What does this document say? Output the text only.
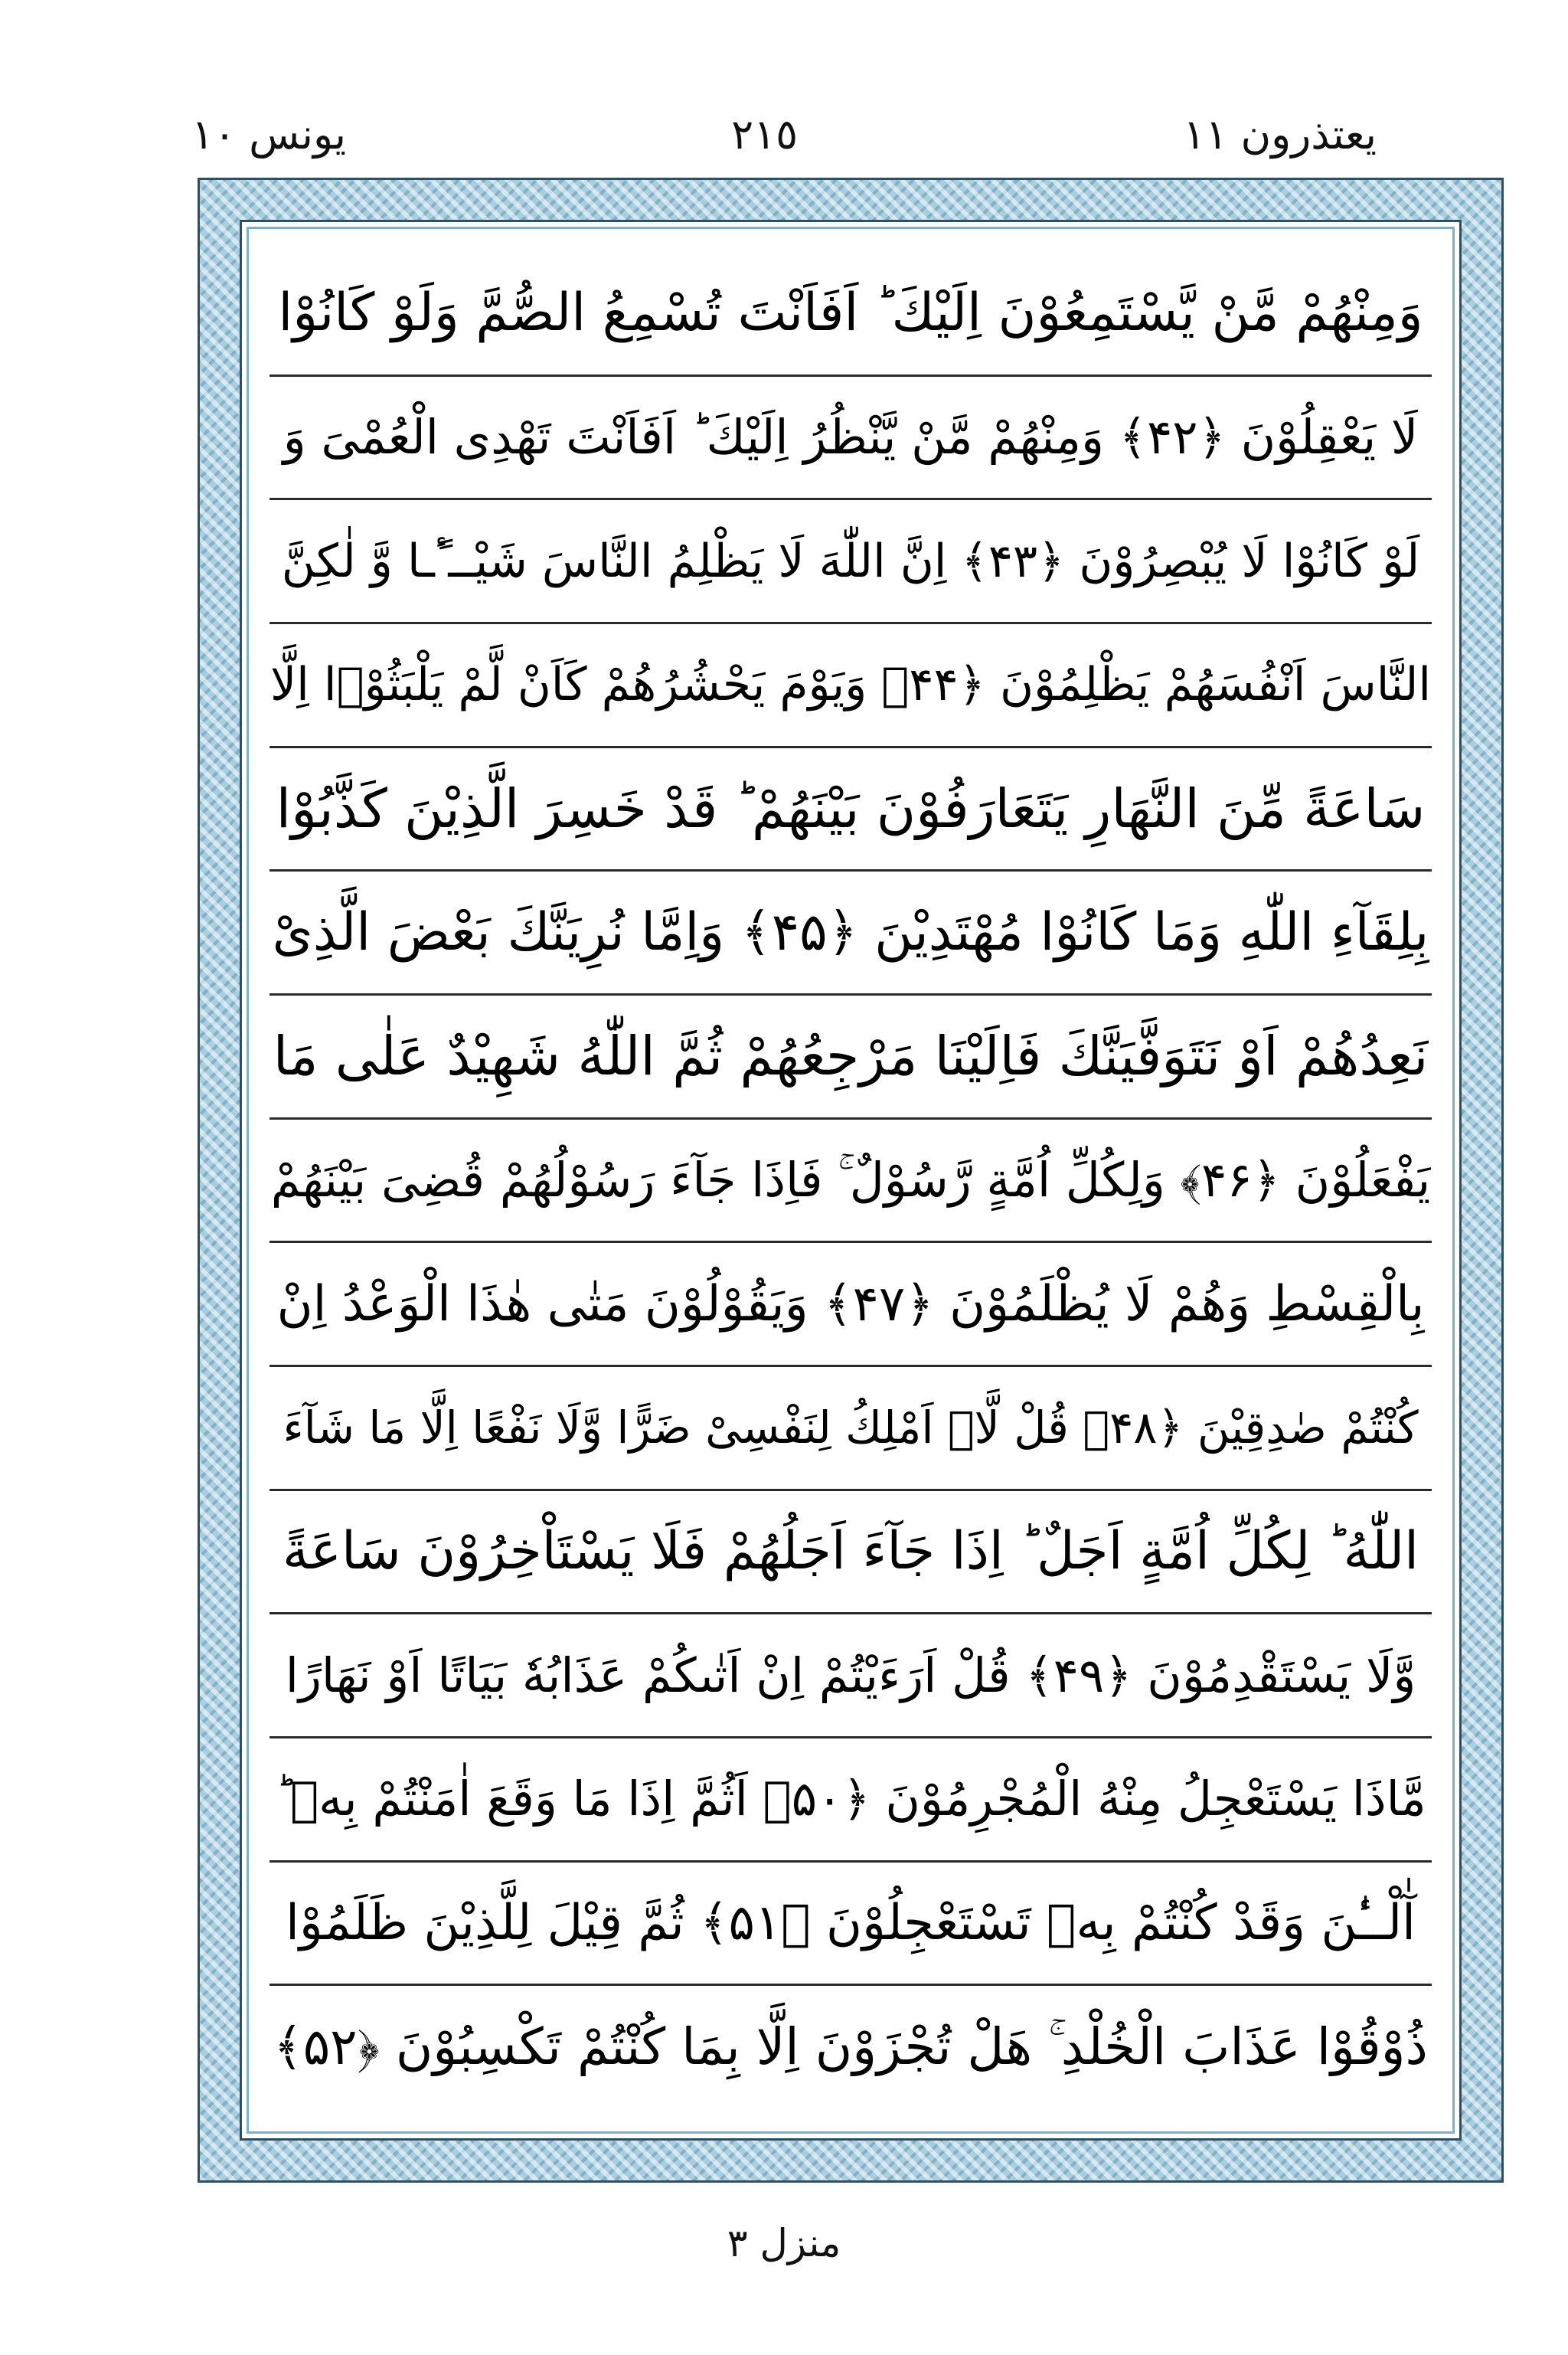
يعتذرون ١١
٢١٥
يونس ١٠
وَمِنْهُمْ مَّنْ يَّسْتَمِعُوْنَ اِلَيْكَ ؕ اَفَاَنْتَ تُسْمِعُ الصُّمَّ وَلَوْ كَانُوْا
لَا يَعْقِلُوْنَ ﴿۴۲﴾ وَمِنْهُمْ مَّنْ يَّنْظُرُ اِلَيْكَ ؕ اَفَاَنْتَ تَهْدِى الْعُمْىَ وَ
لَوْ كَانُوْا لَا يُبْصِرُوْنَ ﴿۴۳﴾ اِنَّ اللّٰهَ لَا يَظْلِمُ النَّاسَ شَيْــٴًـا وَّ لٰكِنَّ
النَّاسَ اَنْفُسَهُمْ يَظْلِمُوْنَ ﴿۴۴﴾ وَيَوْمَ يَحْشُرُهُمْ كَاَنْ لَّمْ يَلْبَثُوْۤا اِلَّا
سَاعَةً مِّنَ النَّهَارِ يَتَعَارَفُوْنَ بَيْنَهُمْ ؕ قَدْ خَسِرَ الَّذِيْنَ كَذَّبُوْا
بِلِقَآءِ اللّٰهِ وَمَا كَانُوْا مُهْتَدِيْنَ ﴿۴۵﴾ وَاِمَّا نُرِيَنَّكَ بَعْضَ الَّذِىْ
نَعِدُهُمْ اَوْ نَتَوَفَّيَنَّكَ فَاِلَيْنَا مَرْجِعُهُمْ ثُمَّ اللّٰهُ شَهِيْدٌ عَلٰى مَا
يَفْعَلُوْنَ ﴿۴۶﴾ وَلِكُلِّ اُمَّةٍ رَّسُوْلٌ ۚ فَاِذَا جَآءَ رَسُوْلُهُمْ قُضِىَ بَيْنَهُمْ
بِالْقِسْطِ وَهُمْ لَا يُظْلَمُوْنَ ﴿۴۷﴾ وَيَقُوْلُوْنَ مَتٰى هٰذَا الْوَعْدُ اِنْ
كُنْتُمْ صٰدِقِيْنَ ﴿۴۸﴾ قُلْ لَّاۤ اَمْلِكُ لِنَفْسِىْ ضَرًّا وَّلَا نَفْعًا اِلَّا مَا شَآءَ
اللّٰهُ ؕ لِكُلِّ اُمَّةٍ اَجَلٌ ؕ اِذَا جَآءَ اَجَلُهُمْ فَلَا يَسْتَاْخِرُوْنَ سَاعَةً
وَّلَا يَسْتَقْدِمُوْنَ ﴿۴۹﴾ قُلْ اَرَءَيْتُمْ اِنْ اَتٰىكُمْ عَذَابُهٗ بَيَاتًا اَوْ نَهَارًا
مَّاذَا يَسْتَعْجِلُ مِنْهُ الْمُجْرِمُوْنَ ﴿۵۰﴾ اَثُمَّ اِذَا مَا وَقَعَ اٰمَنْتُمْ بِهٖ ؕ
آٰلْــٰٔنَ وَقَدْ كُنْتُمْ بِهٖ تَسْتَعْجِلُوْنَ ﴿۵۱﴾ ثُمَّ قِيْلَ لِلَّذِيْنَ ظَلَمُوْا
ذُوْقُوْا عَذَابَ الْخُلْدِ ۚ هَلْ تُجْزَوْنَ اِلَّا بِمَا كُنْتُمْ تَكْسِبُوْنَ ﴿۵۲﴾
منزل ٣
